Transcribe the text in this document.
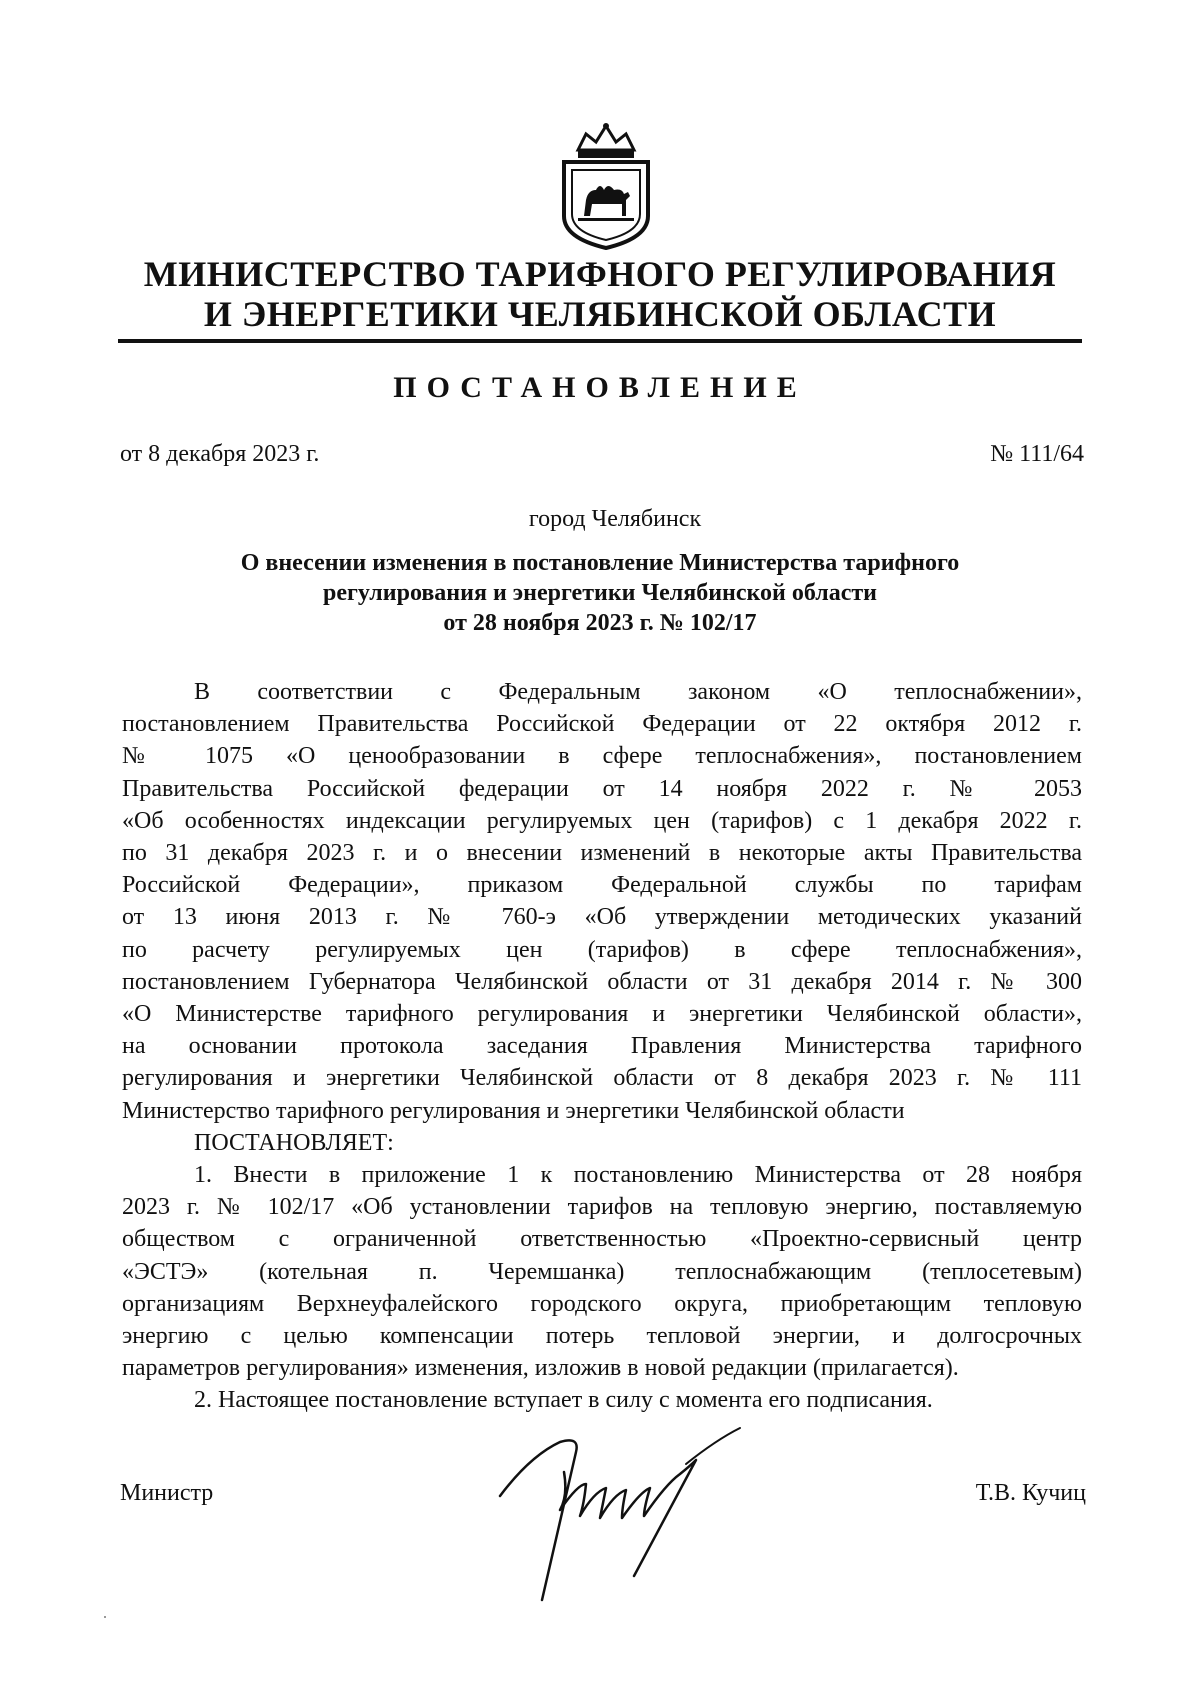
МИНИСТЕРСТВО ТАРИФНОГО РЕГУЛИРОВАНИЯ
И ЭНЕРГЕТИКИ ЧЕЛЯБИНСКОЙ ОБЛАСТИ
ПОСТАНОВЛЕНИЕ
от 8 декабря 2023 г.	№ 111/64
город Челябинск
О внесении изменения в постановление Министерства тарифного
регулирования и энергетики Челябинской области
от 28 ноября 2023 г. № 102/17
В соответствии с Федеральным законом «О теплоснабжении»,
постановлением Правительства Российской Федерации от 22 октября 2012 г.
№ 1075 «О ценообразовании в сфере теплоснабжения», постановлением
Правительства Российской федерации от 14 ноября 2022 г. № 2053
«Об особенностях индексации регулируемых цен (тарифов) с 1 декабря 2022 г.
по 31 декабря 2023 г. и о внесении изменений в некоторые акты Правительства
Российской Федерации», приказом Федеральной службы по тарифам
от 13 июня 2013 г. № 760-э «Об утверждении методических указаний
по расчету регулируемых цен (тарифов) в сфере теплоснабжения»,
постановлением Губернатора Челябинской области от 31 декабря 2014 г. № 300
«О Министерстве тарифного регулирования и энергетики Челябинской области»,
на основании протокола заседания Правления Министерства тарифного
регулирования и энергетики Челябинской области от 8 декабря 2023 г. № 111
Министерство тарифного регулирования и энергетики Челябинской области
ПОСТАНОВЛЯЕТ:
1. Внести в приложение 1 к постановлению Министерства от 28 ноября
2023 г. № 102/17 «Об установлении тарифов на тепловую энергию, поставляемую
обществом с ограниченной ответственностью «Проектно-сервисный центр
«ЭСТЭ» (котельная п. Черемшанка) теплоснабжающим (теплосетевым)
организациям Верхнеуфалейского городского округа, приобретающим тепловую
энергию с целью компенсации потерь тепловой энергии, и долгосрочных
параметров регулирования» изменения, изложив в новой редакции (прилагается).
2. Настоящее постановление вступает в силу с момента его подписания.
Министр	Т.В. Кучиц
